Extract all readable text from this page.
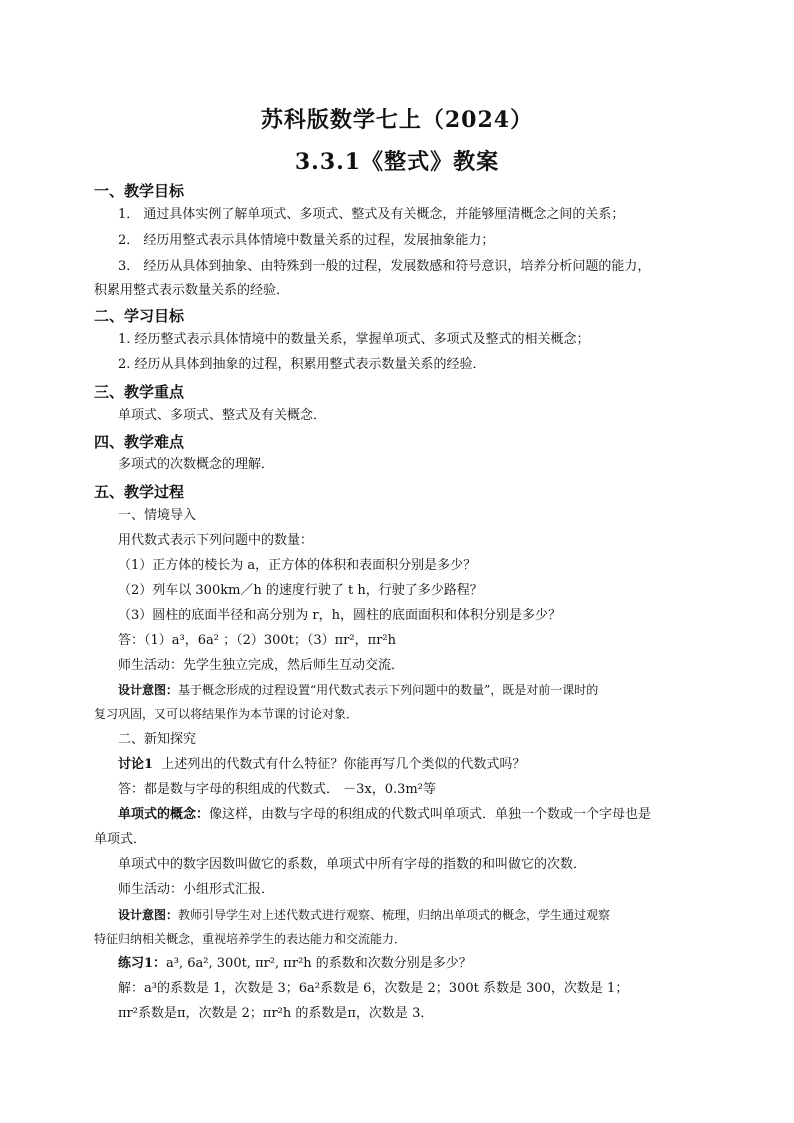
苏科版数学七上（2024）
3.3.1《整式》教案
一、教学目标
1． 通过具体实例了解单项式、多项式、整式及有关概念，并能够厘清概念之间的关系；
2． 经历用整式表示具体情境中数量关系的过程，发展抽象能力；
3． 经历从具体到抽象、由特殊到一般的过程，发展数感和符号意识，培养分析问题的能力，
积累用整式表示数量关系的经验．
二、学习目标
1. 经历整式表示具体情境中的数量关系，掌握单项式、多项式及整式的相关概念；
2. 经历从具体到抽象的过程，积累用整式表示数量关系的经验．
三、教学重点
单项式、多项式、整式及有关概念．
四、教学难点
多项式的次数概念的理解．
五、教学过程
一、情境导入
用代数式表示下列问题中的数量：
（1）正方体的棱长为 a，正方体的体积和表面积分别是多少？
（2）列车以 300km／h 的速度行驶了 t h，行驶了多少路程？
（3）圆柱的底面半径和高分别为 r，h，圆柱的底面面积和体积分别是多少？
答：（1）a³，6a² ；（2）300t；（3）πr²，πr²h
师生活动：先学生独立完成，然后师生互动交流．
设计意图：基于概念形成的过程设置“用代数式表示下列问题中的数量”，既是对前一课时的
复习巩固，又可以将结果作为本节课的讨论对象．
二、新知探究
讨论1 上述列出的代数式有什么特征？你能再写几个类似的代数式吗？
答：都是数与字母的积组成的代数式． －3x，0.3m²等
单项式的概念：像这样，由数与字母的积组成的代数式叫单项式．单独一个数或一个字母也是
单项式．
单项式中的数字因数叫做它的系数，单项式中所有字母的指数的和叫做它的次数．
师生活动：小组形式汇报．
设计意图：教师引导学生对上述代数式进行观察、梳理，归纳出单项式的概念，学生通过观察
特征归纳相关概念，重视培养学生的表达能力和交流能力．
练习1：a³, 6a², 300t, πr², πr²h 的系数和次数分别是多少？
解：a³的系数是 1，次数是 3；6a²系数是 6，次数是 2；300t 系数是 300，次数是 1；
πr²系数是π，次数是 2；πr²h 的系数是π，次数是 3．
